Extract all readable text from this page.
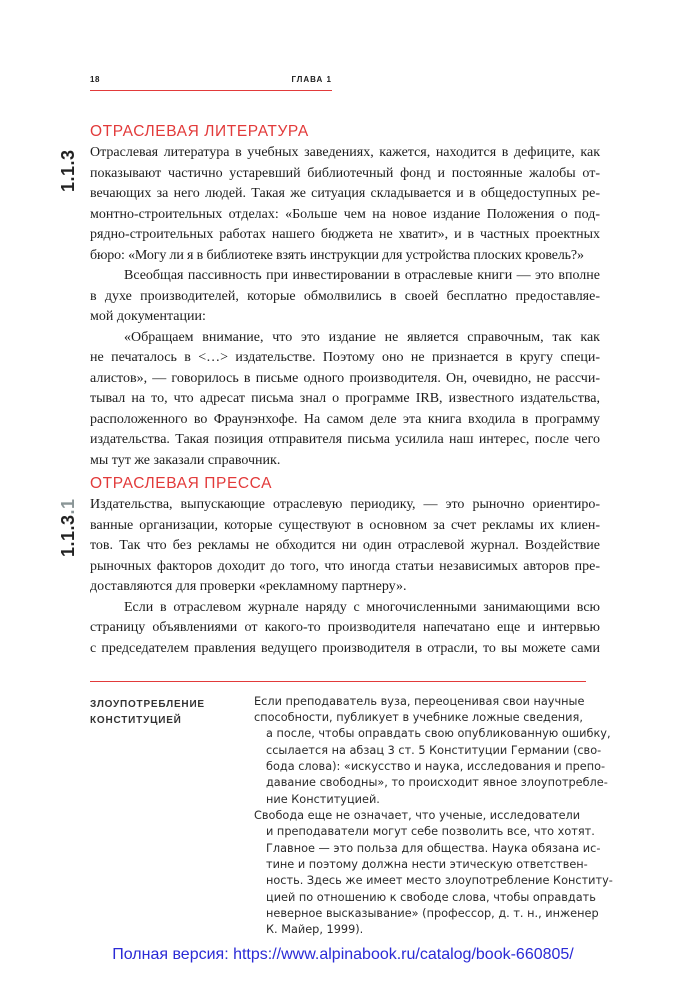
18	ГЛАВА 1
1.1.3
ОТРАСЛЕВАЯ ЛИТЕРАТУРА
Отраслевая литература в учебных заведениях, кажется, находится в дефиците, как
показывают частично устаревший библиотечный фонд и постоянные жалобы от-
вечающих за него людей. Такая же ситуация складывается и в общедоступных ре-
монтно-строительных отделах: «Больше чем на новое издание Положения о под-
рядно-строительных работах нашего бюджета не хватит», и в частных проектных
бюро: «Могу ли я в библиотеке взять инструкции для устройства плоских кровель?»
Всеобщая пассивность при инвестировании в отраслевые книги — это вполне
в духе производителей, которые обмолвились в своей бесплатно предоставляе-
мой документации:
«Обращаем внимание, что это издание не является справочным, так как
не печаталось в <…> издательстве. Поэтому оно не признается в кругу специ-
алистов», — говорилось в письме одного производителя. Он, очевидно, не рассчи-
тывал на то, что адресат письма знал о программе IRB, известного издательства,
расположенного во Фраунэнхофе. На самом деле эта книга входила в программу
издательства. Такая позиция отправителя письма усилила наш интерес, после чего
мы тут же заказали справочник.
1.1.3.1
ОТРАСЛЕВАЯ ПРЕССА
Издательства, выпускающие отраслевую периодику, — это рыночно ориентиро-
ванные организации, которые существуют в основном за счет рекламы их клиен-
тов. Так что без рекламы не обходится ни один отраслевой журнал. Воздействие
рыночных факторов доходит до того, что иногда статьи независимых авторов пре-
доставляются для проверки «рекламному партнеру».
Если в отраслевом журнале наряду с многочисленными занимающими всю
страницу объявлениями от какого-то производителя напечатано еще и интервью
с председателем правления ведущего производителя в отрасли, то вы можете сами
ЗЛОУПОТРЕБЛЕНИЕ
КОНСТИТУЦИЕЙ
Если преподаватель вуза, переоценивая свои научные
способности, публикует в учебнике ложные сведения,
а после, чтобы оправдать свою опубликованную ошибку,
ссылается на абзац 3 ст. 5 Конституции Германии (сво-
бода слова): «искусство и наука, исследования и препо-
давание свободны», то происходит явное злоупотребле-
ние Конституцией.
Свобода еще не означает, что ученые, исследователи
и преподаватели могут себе позволить все, что хотят.
Главное — это польза для общества. Наука обязана ис-
тине и поэтому должна нести этическую ответствен-
ность. Здесь же имеет место злоупотребление Конститу-
цией по отношению к свободе слова, чтобы оправдать
неверное высказывание» (профессор, д. т. н., инженер
К. Майер, 1999).
Полная версия: https://www.alpinabook.ru/catalog/book-660805/
